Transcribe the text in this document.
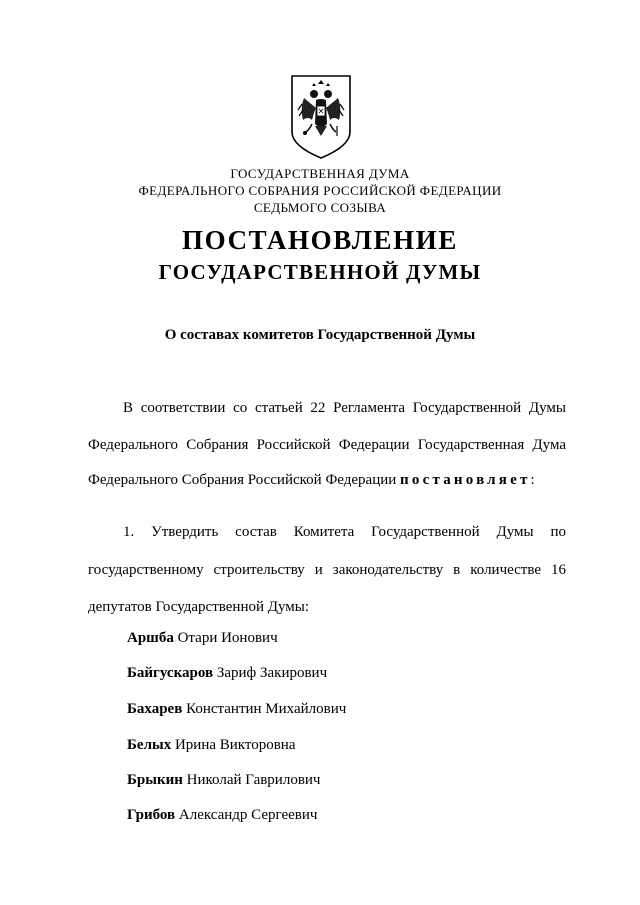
ГОСУДАРСТВЕННАЯ ДУМА

ФЕДЕРАЛЬНОГО СОБРАНИЯ РОССИЙСКОЙ ФЕДЕРАЦИИ

СЕДЬМОГО СОЗЫВА

ПОСТАНОВЛЕНИЕ
ГОСУДАРСТВЕННОЙ ДУМЫ

О составах комитетов Государственной Думы

В соответствии со статьей 22 Регламента Государственной Думы

Федерального Собрания Российской Федерации Государственная Дума

Федерального Собрания Российской Федерации постановляет:

1. Утвердить состав Комитета Государственной Думы по

государственному строительству и законодательству в количестве 16

депутатов Государственной Думы:

Аршба Отари Ионович

Байгускаров Зариф Закирович

Бахарев Константин Михайлович

Белых Ирина Викторовна

Брыкин Николай Гаврилович

Грибов Александр Сергеевич
